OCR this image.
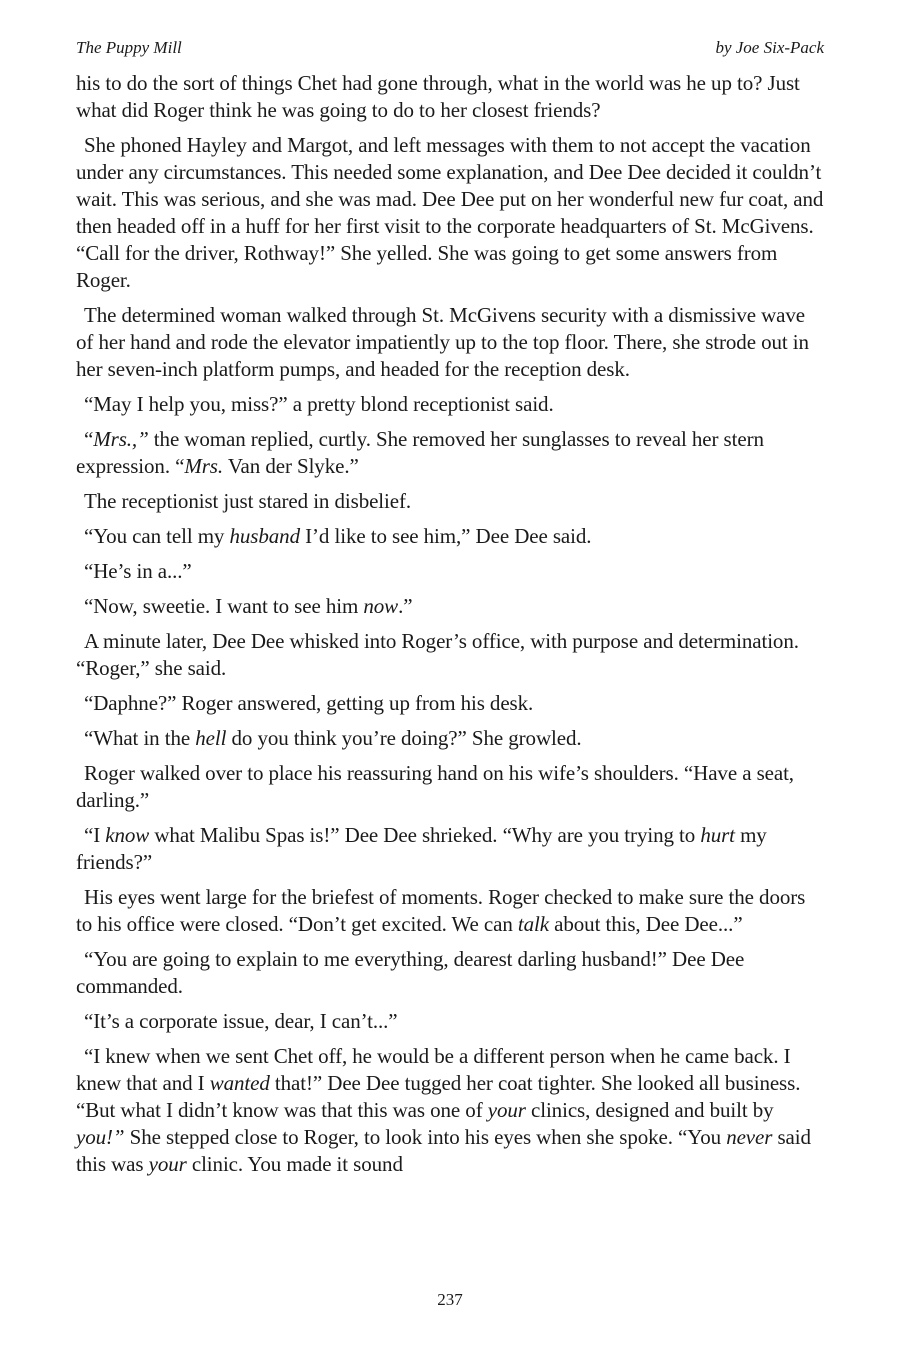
The Puppy Mill	by Joe Six-Pack

his to do the sort of things Chet had gone through, what in the world was he up to? Just what did Roger think he was going to do to her closest friends?

She phoned Hayley and Margot, and left messages with them to not accept the vacation under any circumstances. This needed some explanation, and Dee Dee decided it couldn’t wait. This was serious, and she was mad. Dee Dee put on her wonderful new fur coat, and then headed off in a huff for her first visit to the corporate headquarters of St. McGivens. “Call for the driver, Rothway!” She yelled. She was going to get some answers from Roger.

The determined woman walked through St. McGivens security with a dismissive wave of her hand and rode the elevator impatiently up to the top floor. There, she strode out in her seven-inch platform pumps, and headed for the reception desk.

“May I help you, miss?” a pretty blond receptionist said.

“Mrs.,” the woman replied, curtly. She removed her sunglasses to reveal her stern expression. “Mrs. Van der Slyke.”

The receptionist just stared in disbelief.

“You can tell my husband I’d like to see him,” Dee Dee said.

“He’s in a...”

“Now, sweetie. I want to see him now.”

A minute later, Dee Dee whisked into Roger’s office, with purpose and determination. “Roger,” she said.

“Daphne?” Roger answered, getting up from his desk.

“What in the hell do you think you’re doing?” She growled.

Roger walked over to place his reassuring hand on his wife’s shoulders. “Have a seat, darling.”

“I know what Malibu Spas is!” Dee Dee shrieked. “Why are you trying to hurt my friends?”

His eyes went large for the briefest of moments. Roger checked to make sure the doors to his office were closed. “Don’t get excited. We can talk about this, Dee Dee...”

“You are going to explain to me everything, dearest darling husband!” Dee Dee commanded.

“It’s a corporate issue, dear, I can’t...”

“I knew when we sent Chet off, he would be a different person when he came back. I knew that and I wanted that!” Dee Dee tugged her coat tighter. She looked all business. “But what I didn’t know was that this was one of your clinics, designed and built by you!” She stepped close to Roger, to look into his eyes when she spoke. “You never said this was your clinic. You made it sound

237
